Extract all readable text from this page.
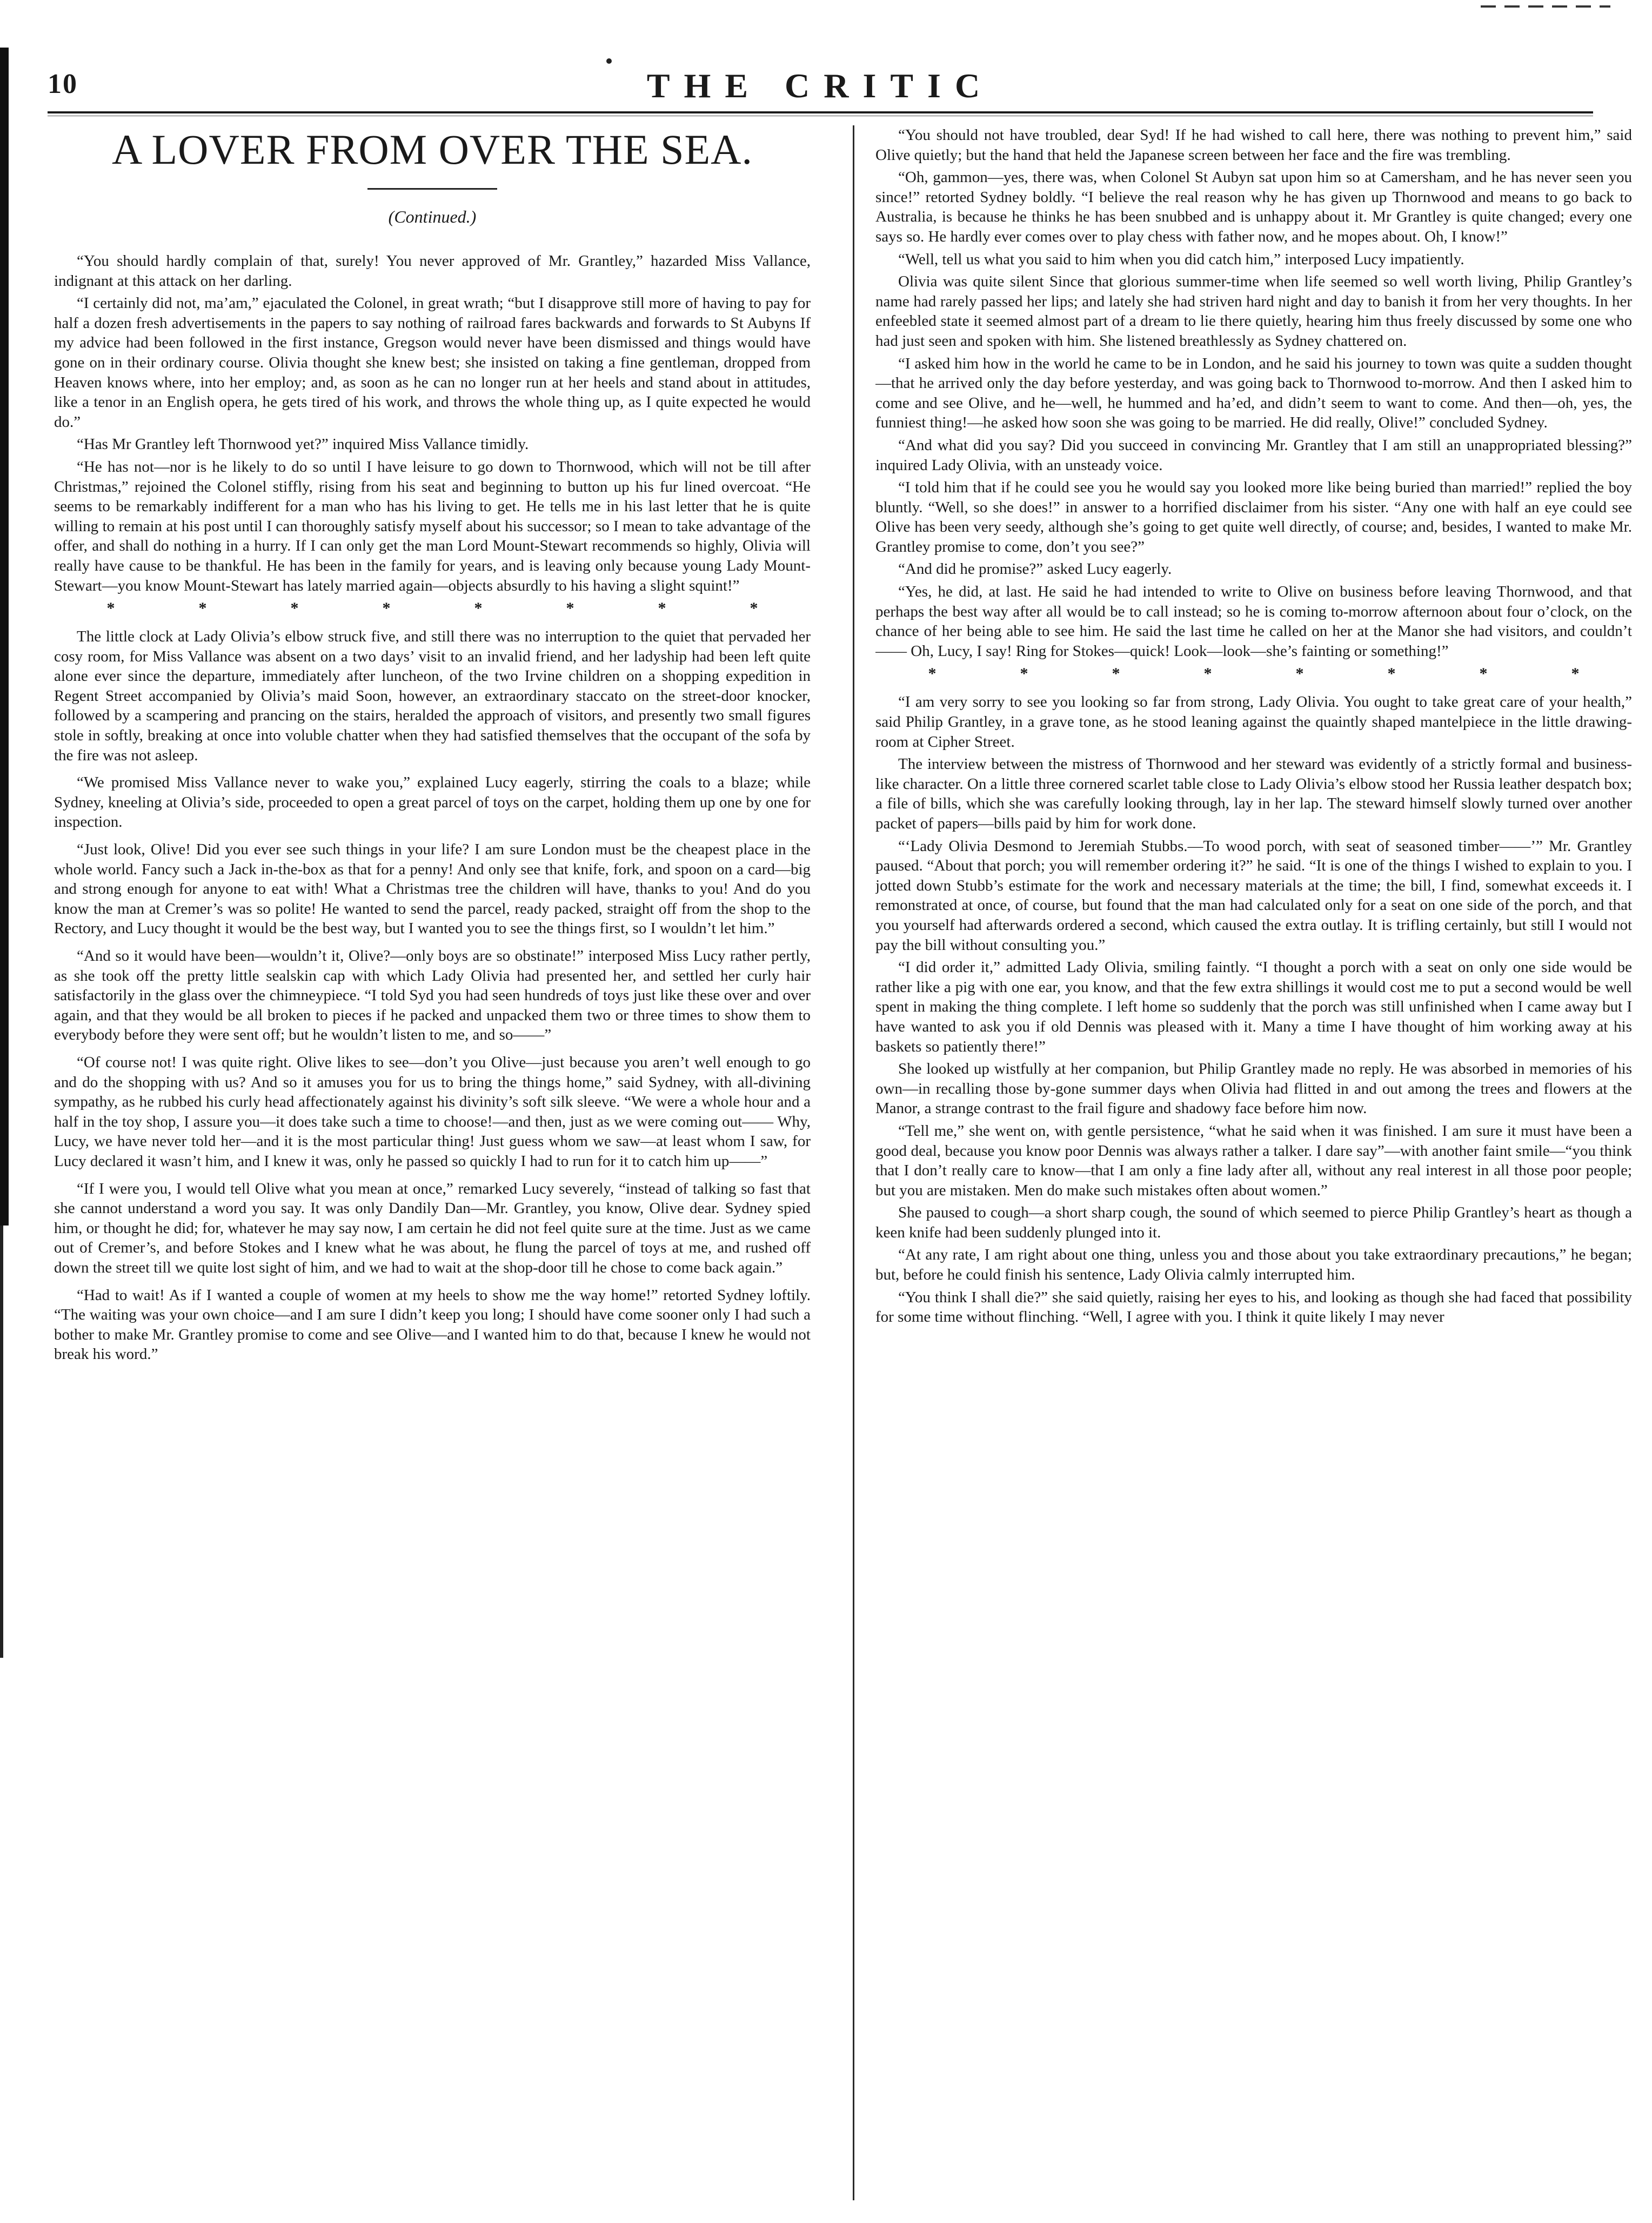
10	THE CRITIC
A LOVER FROM OVER THE SEA.
(Continued.)

“You should hardly complain of that, surely! You never approved of Mr. Grantley,” hazarded Miss Vallance, indignant at this attack on her darling.

“I certainly did not, ma’am,” ejaculated the Colonel, in great wrath; “but I disapprove still more of having to pay for half a dozen fresh advertisements in the papers to say nothing of railroad fares backwards and forwards to St Aubyns If my advice had been followed in the first instance, Gregson would never have been dismissed and things would have gone on in their ordinary course. Olivia thought she knew best; she insisted on taking a fine gentleman, dropped from Heaven knows where, into her employ; and, as soon as he can no longer run at her heels and stand about in attitudes, like a tenor in an English opera, he gets tired of his work, and throws the whole thing up, as I quite expected he would do.”

“Has Mr Grantley left Thornwood yet?” inquired Miss Vallance timidly.

“He has not—nor is he likely to do so until I have leisure to go down to Thornwood, which will not be till after Christmas,” rejoined the Colonel stiffly, rising from his seat and beginning to button up his fur lined overcoat. “He seems to be remarkably indifferent for a man who has his living to get. He tells me in his last letter that he is quite willing to remain at his post until I can thoroughly satisfy myself about his successor; so I mean to take advantage of the offer, and shall do nothing in a hurry. If I can only get the man Lord Mount-Stewart recommends so highly, Olivia will really have cause to be thankful. He has been in the family for years, and is leaving only because young Lady Mount-Stewart—you know Mount-Stewart has lately married again—objects absurdly to his having a slight squint!”

*	*	*	*	*	*	*	*

The little clock at Lady Olivia’s elbow struck five, and still there was no interruption to the quiet that pervaded her cosy room, for Miss Vallance was absent on a two days’ visit to an invalid friend, and her ladyship had been left quite alone ever since the departure, immediately after luncheon, of the two Irvine children on a shopping expedition in Regent Street accompanied by Olivia’s maid Soon, however, an extraordinary staccato on the street-door knocker, followed by a scampering and prancing on the stairs, heralded the approach of visitors, and presently two small figures stole in softly, breaking at once into voluble chatter when they had satisfied themselves that the occupant of the sofa by the fire was not asleep.

“We promised Miss Vallance never to wake you,” explained Lucy eagerly, stirring the coals to a blaze; while Sydney, kneeling at Olivia’s side, proceeded to open a great parcel of toys on the carpet, holding them up one by one for inspection.

“Just look, Olive! Did you ever see such things in your life? I am sure London must be the cheapest place in the whole world. Fancy such a Jack in-the-box as that for a penny! And only see that knife, fork, and spoon on a card—big and strong enough for anyone to eat with! What a Christmas tree the children will have, thanks to you! And do you know the man at Cremer’s was so polite! He wanted to send the parcel, ready packed, straight off from the shop to the Rectory, and Lucy thought it would be the best way, but I wanted you to see the things first, so I wouldn’t let him.”

“And so it would have been—wouldn’t it, Olive?—only boys are so obstinate!” interposed Miss Lucy rather pertly, as she took off the pretty little sealskin cap with which Lady Olivia had presented her, and settled her curly hair satisfactorily in the glass over the chimneypiece. “I told Syd you had seen hundreds of toys just like these over and over again, and that they would be all broken to pieces if he packed and unpacked them two or three times to show them to everybody before they were sent off; but he wouldn’t listen to me, and so——”

“Of course not! I was quite right. Olive likes to see—don’t you Olive—just because you aren’t well enough to go and do the shopping with us? And so it amuses you for us to bring the things home,” said Sydney, with all-divining sympathy, as he rubbed his curly head affectionately against his divinity’s soft silk sleeve. “We were a whole hour and a half in the toy shop, I assure you—it does take such a time to choose!—and then, just as we were coming out—— Why, Lucy, we have never told her—and it is the most particular thing! Just guess whom we saw—at least whom I saw, for Lucy declared it wasn’t him, and I knew it was, only he passed so quickly I had to run for it to catch him up——”

“If I were you, I would tell Olive what you mean at once,” remarked Lucy severely, “instead of talking so fast that she cannot understand a word you say. It was only Dandily Dan—Mr. Grantley, you know, Olive dear. Sydney spied him, or thought he did; for, whatever he may say now, I am certain he did not feel quite sure at the time. Just as we came out of Cremer’s, and before Stokes and I knew what he was about, he flung the parcel of toys at me, and rushed off down the street till we quite lost sight of him, and we had to wait at the shop-door till he chose to come back again.”

“Had to wait! As if I wanted a couple of women at my heels to show me the way home!” retorted Sydney loftily. “The waiting was your own choice—and I am sure I didn’t keep you long; I should have come sooner only I had such a bother to make Mr. Grantley promise to come and see Olive—and I wanted him to do that, because I knew he would not break his word.”

“You should not have troubled, dear Syd! If he had wished to call here, there was nothing to prevent him,” said Olive quietly; but the hand that held the Japanese screen between her face and the fire was trembling.

“Oh, gammon—yes, there was, when Colonel St Aubyn sat upon him so at Camersham, and he has never seen you since!” retorted Sydney boldly. “I believe the real reason why he has given up Thornwood and means to go back to Australia, is because he thinks he has been snubbed and is unhappy about it. Mr Grantley is quite changed; every one says so. He hardly ever comes over to play chess with father now, and he mopes about. Oh, I know!”

“Well, tell us what you said to him when you did catch him,” interposed Lucy impatiently.

Olivia was quite silent Since that glorious summer-time when life seemed so well worth living, Philip Grantley’s name had rarely passed her lips; and lately she had striven hard night and day to banish it from her very thoughts. In her enfeebled state it seemed almost part of a dream to lie there quietly, hearing him thus freely discussed by some one who had just seen and spoken with him. She listened breathlessly as Sydney chattered on.

“I asked him how in the world he came to be in London, and he said his journey to town was quite a sudden thought—that he arrived only the day before yesterday, and was going back to Thornwood to-morrow. And then I asked him to come and see Olive, and he—well, he hummed and ha’ed, and didn’t seem to want to come. And then—oh, yes, the funniest thing!—he asked how soon she was going to be married. He did really, Olive!” concluded Sydney.

“And what did you say? Did you succeed in convincing Mr. Grantley that I am still an unappropriated blessing?” inquired Lady Olivia, with an unsteady voice.

“I told him that if he could see you he would say you looked more like being buried than married!” replied the boy bluntly. “Well, so she does!” in answer to a horrified disclaimer from his sister. “Any one with half an eye could see Olive has been very seedy, although she’s going to get quite well directly, of course; and, besides, I wanted to make Mr. Grantley promise to come, don’t you see?”

“And did he promise?” asked Lucy eagerly.

“Yes, he did, at last. He said he had intended to write to Olive on business before leaving Thornwood, and that perhaps the best way after all would be to call instead; so he is coming to-morrow afternoon about four o’clock, on the chance of her being able to see him. He said the last time he called on her at the Manor she had visitors, and couldn’t—— Oh, Lucy, I say! Ring for Stokes—quick! Look—look—she’s fainting or something!”

*	*	*	*	*	*	*	*

“I am very sorry to see you looking so far from strong, Lady Olivia. You ought to take great care of your health,” said Philip Grantley, in a grave tone, as he stood leaning against the quaintly shaped mantelpiece in the little drawing-room at Cipher Street.

The interview between the mistress of Thornwood and her steward was evidently of a strictly formal and business-like character. On a little three cornered scarlet table close to Lady Olivia’s elbow stood her Russia leather despatch box; a file of bills, which she was carefully looking through, lay in her lap. The steward himself slowly turned over another packet of papers—bills paid by him for work done.

“‘Lady Olivia Desmond to Jeremiah Stubbs.—To wood porch, with seat of seasoned timber——’” Mr. Grantley paused. “About that porch; you will remember ordering it?” he said. “It is one of the things I wished to explain to you. I jotted down Stubb’s estimate for the work and necessary materials at the time; the bill, I find, somewhat exceeds it. I remonstrated at once, of course, but found that the man had calculated only for a seat on one side of the porch, and that you yourself had afterwards ordered a second, which caused the extra outlay. It is trifling certainly, but still I would not pay the bill without consulting you.”

“I did order it,” admitted Lady Olivia, smiling faintly. “I thought a porch with a seat on only one side would be rather like a pig with one ear, you know, and that the few extra shillings it would cost me to put a second would be well spent in making the thing complete. I left home so suddenly that the porch was still unfinished when I came away but I have wanted to ask you if old Dennis was pleased with it. Many a time I have thought of him working away at his baskets so patiently there!”

She looked up wistfully at her companion, but Philip Grantley made no reply. He was absorbed in memories of his own—in recalling those by-gone summer days when Olivia had flitted in and out among the trees and flowers at the Manor, a strange contrast to the frail figure and shadowy face before him now.

“Tell me,” she went on, with gentle persistence, “what he said when it was finished. I am sure it must have been a good deal, because you know poor Dennis was always rather a talker. I dare say”—with another faint smile—“you think that I don’t really care to know—that I am only a fine lady after all, without any real interest in all those poor people; but you are mistaken. Men do make such mistakes often about women.”

She paused to cough—a short sharp cough, the sound of which seemed to pierce Philip Grantley’s heart as though a keen knife had been suddenly plunged into it.

“At any rate, I am right about one thing, unless you and those about you take extraordinary precautions,” he began; but, before he could finish his sentence, Lady Olivia calmly interrupted him.

“You think I shall die?” she said quietly, raising her eyes to his, and looking as though she had faced that possibility for some time without flinching. “Well, I agree with you. I think it quite likely I may never
